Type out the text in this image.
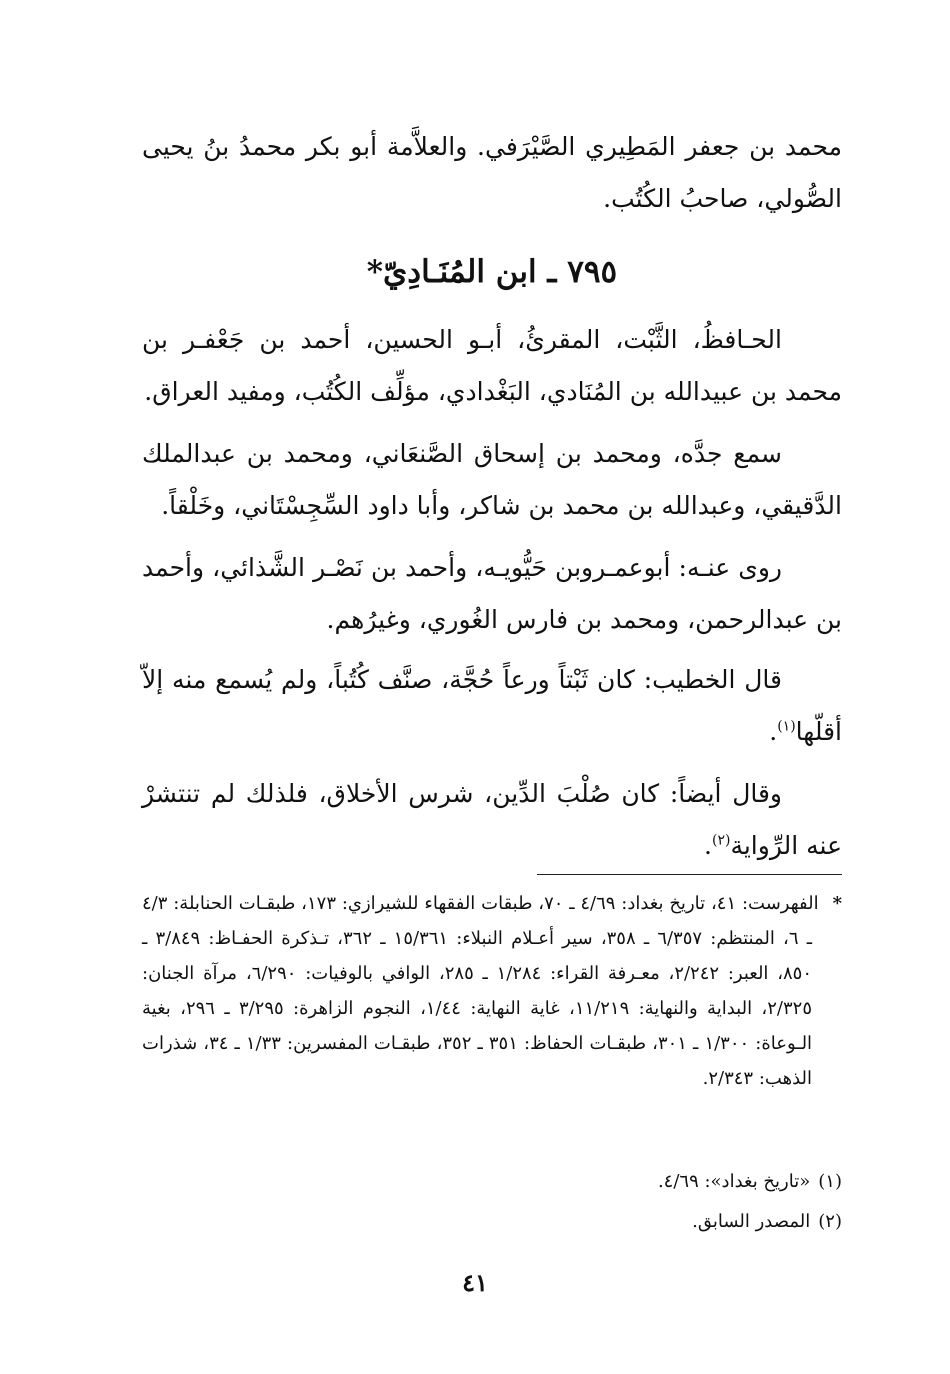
محمد بن جعفر المَطِيري الصَّيْرَفي. والعلاَّمة أبو بكر محمدُ بنُ يحيى الصُّولي، صاحبُ الكُتُب.

٧٩٥ ـ ابن المُنَـادِيّ*

الحـافظُ، الثَّبْت، المقرئُ، أبـو الحسين، أحمد بن جَعْفـر بن محمد بن عبيدالله بن المُنَادي، البَغْدادي، مؤلِّف الكُتُب، ومفيد العراق.

سمع جدَّه، ومحمد بن إسحاق الصَّنعَاني، ومحمد بن عبدالملك الدَّقيقي، وعبدالله بن محمد بن شاكر، وأبا داود السِّجِسْتَاني، وخَلْقاً.

روى عنـه: أبوعمـروبن حَيُّويـه، وأحمد بن نَصْـر الشَّذائي، وأحمد بن عبدالرحمن، ومحمد بن فارس الغُوري، وغيرُهم.

قال الخطيب: كان ثَبْتاً ورعاً حُجَّة، صنَّف كُتُباً، ولم يُسمع منه إلاّ أقلّها$^{(١)}$.

وقال أيضاً: كان صُلْبَ الدِّين، شرس الأخلاق، فلذلك لم تنتشرْ عنه الرِّواية$^{(٢)}$.

*الفهرست: ٤١، تاريخ بغداد: ٤/٦٩ ـ ٧٠، طبقات الفقهاء للشيرازي: ١٧٣، طبقـات الحنابلة: ٤/٣ ـ ٦، المنتظم: ٦/٣٥٧ ـ ٣٥٨، سير أعـلام النبلاء: ١٥/٣٦١ ـ ٣٦٢، تـذكرة الحفـاظ: ٣/٨٤٩ ـ ٨٥٠، العبر: ٢/٢٤٢، معـرفة القراء: ١/٢٨٤ ـ ٢٨٥، الوافي بالوفيات: ٦/٢٩٠، مرآة الجنان: ٢/٣٢٥، البداية والنهاية: ١١/٢١٩، غاية النهاية: ١/٤٤، النجوم الزاهرة: ٣/٢٩٥ ـ ٢٩٦، بغية الـوعاة: ١/٣٠٠ ـ ٣٠١، طبقـات الحفاظ: ٣٥١ ـ ٣٥٢، طبقـات المفسرين: ١/٣٣ ـ ٣٤، شذرات الذهب: ٢/٣٤٣.

(١)«تاريخ بغداد»: ٤/٦٩.

(٢)المصدر السابق.

٤١
